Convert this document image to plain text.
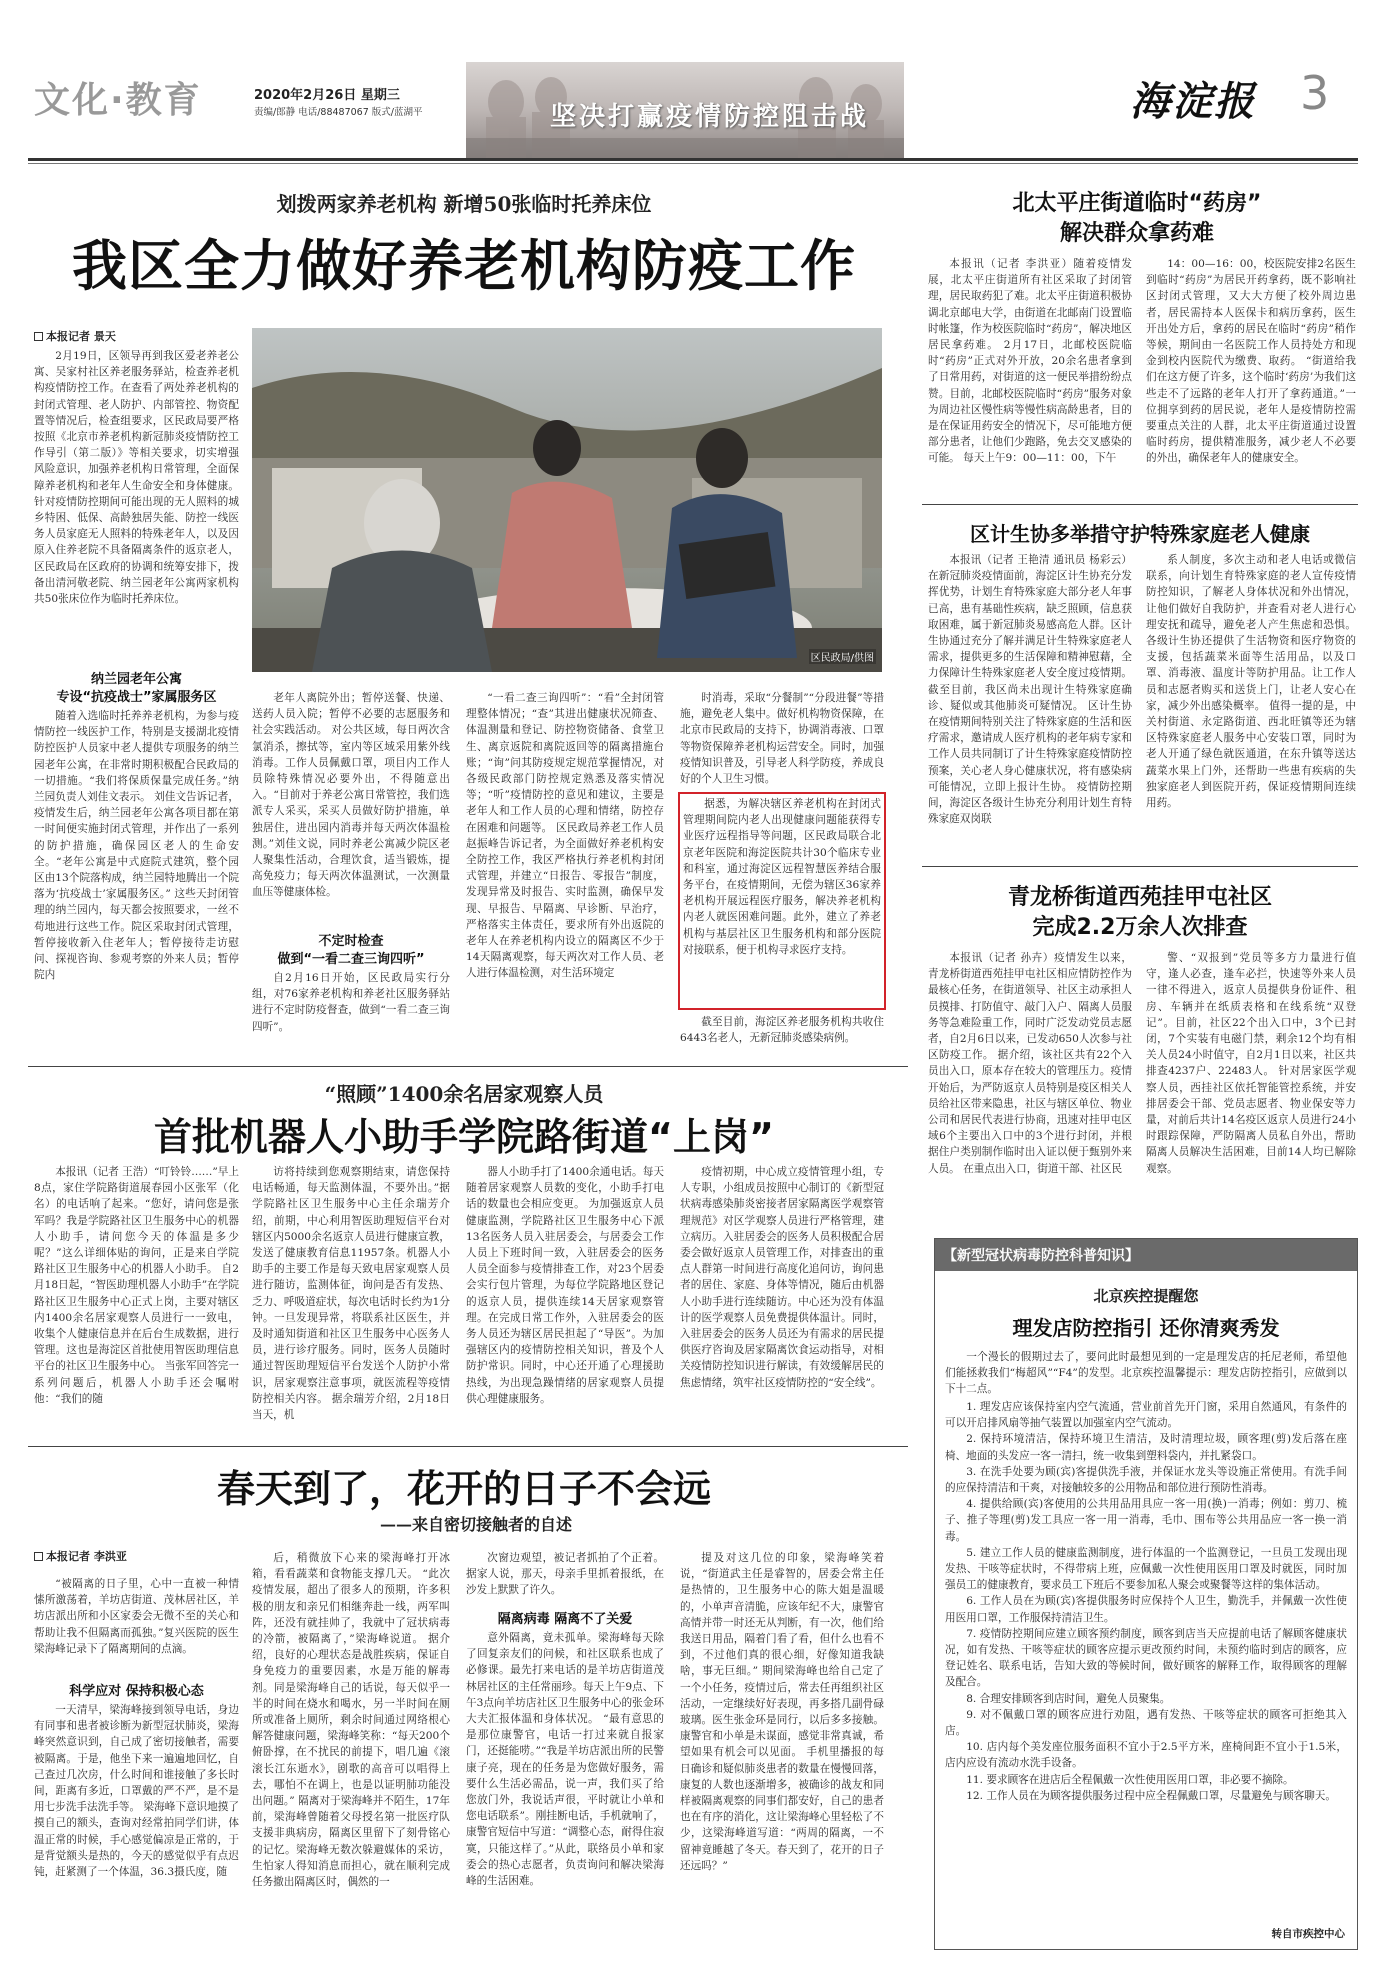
文化·教育	2020年2月26日 星期三
责编/郎静 电话/88487067 版式/蓝湖平	坚决打赢疫情防控阻击战	海淀报 3
划拨两家养老机构 新增50张临时托养床位
我区全力做好养老机构防疫工作
本报记者 景天
区民政局/供图

2月19日，区领导再到我区爱老养老公寓、吴家村社区养老服务驿站，检查养老机构疫情防控工作。在查看了两处养老机构的封闭式管理、老人防护、内部管控、物资配置等情况后，检查组要求，区民政局要严格按照《北京市养老机构新冠肺炎疫情防控工作导引（第二版）》等相关要求，切实增强风险意识，加强养老机构日常管理，全面保障养老机构和老年人生命安全和身体健康。 针对疫情防控期间可能出现的无人照料的城乡特困、低保、高龄独居失能、防控一线医务人员家庭无人照料的特殊老年人，以及因原入住养老院不具备隔离条件的返京老人，区民政局在区政府的协调和统筹安排下，拨备出清河敬老院、纳兰园老年公寓两家机构共50张床位作为临时托养床位。

纳兰园老年公寓
专设“抗疫战士”家属服务区

随着入选临时托养养老机构，为参与疫情防控一线医护工作，特别是支援湖北疫情防控医护人员家中老人提供专项服务的纳兰园老年公寓，在非常时期积极配合民政局的一切措施。“我们将保质保量完成任务。”纳兰园负责人刘佳文表示。 刘佳文告诉记者，疫情发生后，纳兰园老年公寓各项目都在第一时间便实施封闭式管理，并作出了一系列的防护措施，确保园区老人的生命安全。“老年公寓是中式庭院式建筑，整个园区由13个院落构成，纳兰园特地腾出一个院落为‘抗疫战士’家属服务区。” 这些天封闭管理的纳兰园内，每天都会按照要求，一丝不苟地进行这些工作。院区采取封闭式管理，暂停接收新入住老年人；暂停接待走访慰问、探视咨询、参观考察的外来人员；暂停院内

老年人离院外出；暂停送餐、快递、送药人员入院；暂停不必要的志愿服务和社会实践活动。 对公共区域，每日两次含氯消杀，擦拭等，室内等区域采用紫外线消毒。工作人员佩戴口罩，项目内工作人员除特殊情况必要外出，不得随意出入。“目前对于养老公寓日常管控，我们选派专人采买，采买人员做好防护措施，单独居住，进出园内消毒并每天两次体温检测。”刘佳文说，同时养老公寓减少院区老人聚集性活动，合理饮食，适当锻炼，提高免疫力；每天两次体温测试，一次测量血压等健康体检。

不定时检查
做到“一看二查三询四听”

自2月16日开始，区民政局实行分组，对76家养老机构和养老社区服务驿站进行不定时防疫督查，做到“一看二查三询四听”。

“一看二查三询四听”：“看”全封闭管理整体情况；“查”其进出健康状况筛查、体温测量和登记、防控物资储备、食堂卫生、离京返院和离院返回等的隔离措施台账；“询”问其防疫规定规范掌握情况，对各级民政部门防控规定熟悉及落实情况等；“听”疫情防控的意见和建议，主要是老年人和工作人员的心理和情绪，防控存在困难和问题等。 区民政局养老工作人员赵振峰告诉记者，为全面做好养老机构安全防控工作，我区严格执行养老机构封闭式管理，并建立“日报告、零报告”制度，发现异常及时报告、实时监测，确保早发现、早报告、早隔离、早诊断、早治疗，严格落实主体责任，要求所有外出返院的老年人在养老机构内设立的隔离区不少于14天隔离观察，每天两次对工作人员、老人进行体温检测，对生活环境定

时消毒，采取“分餐制”“分段进餐”等措施，避免老人集中。做好机构物资保障，在北京市民政局的支持下，协调消毒液、口罩等物资保障养老机构运营安全。同时，加强疫情知识普及，引导老人科学防疫，养成良好的个人卫生习惯。

据悉，为解决辖区养老机构在封闭式管理期间院内老人出现健康问题能获得专业医疗远程指导等问题，区民政局联合北京老年医院和海淀医院共计30个临床专业和科室，通过海淀区远程智慧医养结合服务平台，在疫情期间，无偿为辖区36家养老机构开展远程医疗服务，解决养老机构内老人就医困难问题。此外，建立了养老机构与基层社区卫生服务机构和部分医院对接联系，便于机构寻求医疗支持。

截至目前，海淀区养老服务机构共收住6443名老人，无新冠肺炎感染病例。

北太平庄街道临时“药房”
解决群众拿药难

本报讯（记者 李洪亚）随着疫情发展，北太平庄街道所有社区采取了封闭管理，居民取药犯了难。北太平庄街道积极协调北京邮电大学，由街道在北邮南门设置临时帐篷，作为校医院临时“药房”，解决地区居民拿药难。 2月17日，北邮校医院临时“药房”正式对外开放，20余名患者拿到了日常用药，对街道的这一便民举措纷纷点赞。目前，北邮校医院临时“药房”服务对象为周边社区慢性病等慢性病高龄患者，目的是在保证用药安全的情况下，尽可能地方便部分患者，让他们少跑路，免去交叉感染的可能。 每天上午9：00—11：00，下午

14：00—16：00，校医院安排2名医生到临时“药房”为居民开药拿药，既不影响社区封闭式管理，又大大方便了校外周边患者，居民需持本人医保卡和病历拿药，医生开出处方后，拿药的居民在临时“药房”稍作等候，期间由一名医院工作人员持处方和现金到校内医院代为缴费、取药。 “街道给我们在这方便了许多，这个临时‘药房’为我们这些走不了远路的老年人打开了拿药通道。”一位拥享到药的居民说，老年人是疫情防控需要重点关注的人群，北太平庄街道通过设置临时药房，提供精准服务，减少老人不必要的外出，确保老年人的健康安全。

区计生协多举措守护特殊家庭老人健康

本报讯（记者 王艳清 通讯员 杨彩云）在新冠肺炎疫情面前，海淀区计生协充分发挥优势，计划生育特殊家庭大部分老人年事已高，患有基础性疾病，缺乏照顾，信息获取困难，属于新冠肺炎易感高危人群。区计生协通过充分了解并满足计生特殊家庭老人需求，提供更多的生活保障和精神慰藉，全力保障计生特殊家庭老人安全度过疫情期。截至目前，我区尚未出现计生特殊家庭确诊、疑似或其他肺炎可疑情况。 区计生协在疫情期间特别关注了特殊家庭的生活和医疗需求，邀请成人医疗机构的老年病专家和工作人员共同制订了计生特殊家庭疫情防控预案，关心老人身心健康状况，将有感染病可能情况，立即上报计生协。 疫情防控期间，海淀区各级计生协充分利用计划生育特殊家庭双岗联

系人制度，多次主动和老人电话或微信联系，向计划生育特殊家庭的老人宣传疫情防控知识，了解老人身体状况和外出情况，让他们做好自我防护，并查看对老人进行心理安抚和疏导，避免老人产生焦虑和恐惧。各级计生协还提供了生活物资和医疗物资的支援，包括蔬菜米面等生活用品，以及口罩、消毒液、温度计等防护用品。让工作人员和志愿者购买和送货上门，让老人安心在家，减少外出感染概率。 值得一提的是，中关村街道、永定路街道、西北旺镇等还为辖区特殊家庭老人服务中心安装口罩，同时为老人开通了绿色就医通道，在东升镇等送达蔬菜水果上门外，还帮助一些患有疾病的失独家庭老人到医院开药，保证疫情期间连续用药。

青龙桥街道西苑挂甲屯社区
完成2.2万余人次排查

本报讯（记者 孙卉）疫情发生以来，青龙桥街道西苑挂甲屯社区相应情防控作为最核心任务，在街道领导、社区主动承担人员摸排、打防值守、敲门入户、隔离人员服务等急难险重工作，同时广泛发动党员志愿者，自2月6日以来，已发动650人次参与社区防疫工作。 据介绍，该社区共有22个入员出入口，原本存在较大的管理压力。疫情开始后，为严防返京人员特别是疫区相关人员给社区带来隐患，社区与辖区单位、物业公司和居民代表进行协商，迅速对挂甲屯区域6个主要出入口中的3个进行封闭，并根据住户类别制作临时出入证以便于甄别外来人员。 在重点出入口，街道干部、社区民

警、“双报到”党员等多方力量进行值守，逢人必查，逢车必拦，快速等外来人员一律不得进入，返京人员提供身份证件、租房、车辆并在纸质表格和在线系统“双登记”。目前，社区22个出入口中，3个已封闭，7个实装有电磁门禁，剩余12个均有相关人员24小时值守，自2月1日以来，社区共排查4237户、22483人。 针对居家医学观察人员，西挂社区依托智能管控系统，并安排居委会干部、党员志愿者、物业保安等力量，对前后共计14名疫区返京人员进行24小时跟踪保障，严防隔离人员私自外出，帮助隔离人员解决生活困难，目前14人均已解除观察。

“照顾”1400余名居家观察人员
首批机器人小助手学院路街道“上岗”

本报讯（记者 王浩）“叮铃铃……”早上8点，家住学院路街道展春园小区张军（化名）的电话响了起来。“您好，请问您是张军吗？我是学院路社区卫生服务中心的机器人小助手，请问您今天的体温是多少呢？”这么详细体贴的询问，正是来自学院路社区卫生服务中心的机器人小助手。 自2月18日起，“智医助理机器人小助手”在学院路社区卫生服务中心正式上岗，主要对辖区内1400余名居家观察人员进行一一致电，收集个人健康信息并在后台生成数据，进行管理。这也是海淀区首批使用智医助理信息平台的社区卫生服务中心。 当张军回答完一系列问题后，机器人小助手还会嘱咐他：“我们的随

访将持续到您观察期结束，请您保持电话畅通，每天监测体温，不要外出。”据学院路社区卫生服务中心主任余瑞芳介绍，前期，中心利用智医助理短信平台对辖区内5000余名返京人员进行健康宣教，发送了健康教育信息11957条。机器人小助手的主要工作是每天致电居家观察人员进行随访，监测体征，询问是否有发热、乏力、呼吸道症状，每次电话时长约为1分钟。一旦发现异常，将联系社区医生，并及时通知街道和社区卫生服务中心医务人员，进行诊疗服务。同时，医务人员随时通过智医助理短信平台发送个人防护小常识，居家观察注意事项，就医流程等疫情防控相关内容。 据余瑞芳介绍，2月18日当天，机

器人小助手打了1400余通电话。每天随着居家观察人员数的变化，小助手打电话的数量也会相应变更。 为加强返京人员健康监测，学院路社区卫生服务中心下派13名医务人员入驻居委会，与居委会工作人员上下班时间一致，入驻居委会的医务人员全面参与疫情排查工作，对23个居委会实行包片管理，为每位学院路地区登记的返京人员，提供连续14天居家观察管理。在完成日常工作外，入驻居委会的医务人员还为辖区居民担起了“导医”。为加强辖区内的疫情防控相关知识，普及个人防护常识。同时，中心还开通了心理援助热线，为出现急躁情绪的居家观察人员提供心理健康服务。

疫情初期，中心成立疫情管理小组，专人专职，小组成员按照中心制订的《新型冠状病毒感染肺炎密接者居家隔离医学观察管理规范》对区学观察人员进行严格管理，建立病历。入驻居委会的医务人员积极配合居委会做好返京人员管理工作，对排查出的重点人群第一时间进行高度化追问访，询问患者的居住、家庭、身体等情况，随后由机器人小助手进行连续随访。中心还为没有体温计的医学观察人员免费提供体温计。同时，入驻居委会的医务人员还为有需求的居民提供医疗咨询及居家隔离饮食运动指导，对相关疫情防控知识进行解读，有效缓解居民的焦虑情绪，筑牢社区疫情防控的“安全线”。

春天到了，花开的日子不会远
——来自密切接触者的自述
本报记者 李洪亚

“被隔离的日子里，心中一直被一种情愫所激荡着，羊坊店街道、茂林居社区，羊坊店派出所和小区家委会无微不至的关心和帮助让我不但隔离而孤独。”复兴医院的医生梁海峰记录下了隔离期间的点滴。

科学应对 保持积极心态

一天清早，梁海峰接到领导电话，身边有同事和患者被诊断为新型冠状肺炎，梁海峰突然意识到，自己成了密切接触者，需要被隔离。于是，他坐下来一遍遍地回忆，自己查过几次房，什么时间和谁接触了多长时间，距离有多近，口罩戴的严不严，是不是用七步洗手法洗手等。 梁海峰下意识地摸了摸自己的额头，查询对经常拍同学们讲，体温正常的时候，手心感觉偏凉是正常的，于是背觉额头是热的，今天的感觉似乎有点迟钝，赶紧测了一个体温，36.3摄氏度，随

后，稍微放下心来的梁海峰打开冰箱，看看蔬菜和食物能支撑几天。 “此次疫情发展，超出了很多人的预期，许多积极的朋友和亲兄们相继奔赴一线，两军叫阵，还没有就挂帅了，我就中了冠状病毒的冷箭，被隔离了，”梁海峰说道。 据介绍，良好的心理状态是战胜疾病，保证自身免疫力的重要因素，水是万能的解毒剂。同是梁海峰自己的话说，每天似乎一半的时间在烧水和喝水，另一半时间在厕所或准备上厕所，剩余时间通过网络根心解答健康问题，梁海峰笑称：“每天200个俯卧撑，在不扰民的前提下，唱几遍《滚滚长江东逝水》，剧歌的高音可以唱得上去，哪怕不在调上，也是以证明肺功能没出问题。” 隔离对于梁海峰并不陌生，17年前，梁海峰曾随着父母授名第一批医疗队支援非典病房，隔离区里留下了刻骨铭心的记忆。梁海峰无数次躲避媒体的采访，生怕家人得知消息而担心，就在顺利完成任务撤出隔离区时，偶然的一

次窗边观望，被记者抓拍了个正着。据家人说，那天，母亲手里抓着报纸，在沙发上默默了许久。

隔离病毒 隔离不了关爱

意外隔离，竟未孤单。梁海峰每天除了回复亲友们的问候，和社区联系也成了必修课。最先打来电话的是羊坊店街道茂林居社区的主任常丽珍。每天上午9点、下午3点向羊坊店社区卫生服务中心的张金环大夫汇报体温和身体状况。 “最有意思的是那位康警官，电话一打过来就自报家门，还挺能唠。”“我是羊坊店派出所的民警康子亮，现在的任务是为您做好服务，需要什么生活必需品，说一声，我们买了给您放门外，我说话声很，平时就让小单和您电话联系”。刚挂断电话，手机就响了，康警官短信中写道：“调整心态，耐得住寂寞，只能这样了。”从此，联络员小单和家委会的热心志愿者，负责询问和解决梁海峰的生活困难。

提及对这几位的印象，梁海峰笑着说，“街道武主任是睿智的，居委会常主任是热情的，卫生服务中心的陈大姐是温暖的，小单声音清脆，应该年纪不大，康警官高情并带一时还无从判断，有一次，他们给我送日用品，隔着门看了看，但什么也看不到，不过他们真的很心细，好像知道我缺啥，事无巨细。” 期间梁海峰也给自己定了一个小任务，疫情过后，常去任再组织社区活动，一定继续好好表现，再多搭几副骨碌玻璃。医生张金环是同行，以后多多接触。康警官和小单是未谋面，感觉非常真诚，希望如果有机会可以见面。 手机里播报的每日确诊和疑似肺炎患者的数量在慢慢回落，康复的人数也逐渐增多，被确诊的战友和同样被隔离观察的同事们都安好，自己的患者也在有序的消化，这让梁海峰心里轻松了不少，这梁海峰道写道：“两周的隔离，一不留神竟睡越了冬天。春天到了，花开的日子还远吗？”

【新型冠状病毒防控科普知识】
北京疾控提醒您
理发店防控指引 还你清爽秀发

一个漫长的假期过去了，要问此时最想见到的一定是理发店的托尼老师，希望他们能拯救我们“梅超风”“F4”的发型。北京疾控温馨提示：理发店防控指引，应做到以下十二点。

1. 理发店应该保持室内空气流通，营业前首先开门窗，采用自然通风，有条件的可以开启排风扇等抽气装置以加强室内空气流动。

2. 保持环境清洁，保持环境卫生清洁，及时清理垃圾，顾客理(剪)发后落在座椅、地面的头发应一客一清扫，统一收集到塑料袋内，并扎紧袋口。

3. 在洗手处要为顾(宾)客提供洗手液，并保证水龙头等设施正常使用。有洗手间的应保持清洁和干爽，对接触较多的公用物品和部位进行预防性消毒。

4. 提供给顾(宾)客使用的公共用品用具应一客一用(换)一消毒；例如：剪刀、梳子、推子等理(剪)发工具应一客一用一消毒，毛巾、围布等公共用品应一客一换一消毒。

5. 建立工作人员的健康监测制度，进行体温的一个监测登记，一旦员工发现出现发热、干咳等症状时，不得带病上班，应佩戴一次性使用医用口罩及时就医，同时加强员工的健康教育，要求员工下班后不要参加私人聚会或聚餐等这样的集体活动。

6. 工作人员在为顾(宾)客提供服务时应保持个人卫生，勤洗手，并佩戴一次性使用医用口罩，工作服保持清洁卫生。

7. 疫情防控期间应建立顾客预约制度，顾客到店当天应提前电话了解顾客健康状况，如有发热、干咳等症状的顾客应提示更改预约时间，未预约临时到店的顾客，应登记姓名、联系电话，告知大致的等候时间，做好顾客的解释工作，取得顾客的理解及配合。

8. 合理安排顾客到店时间，避免人员聚集。

9. 对不佩戴口罩的顾客应进行劝阻，遇有发热、干咳等症状的顾客可拒绝其入店。

10. 店内每个美发座位服务面积不宜小于2.5平方米，座椅间距不宜小于1.5米，店内应设有流动水洗手设备。

11. 要求顾客在进店后全程佩戴一次性使用医用口罩，非必要不摘除。

12. 工作人员在为顾客提供服务过程中应全程佩戴口罩，尽量避免与顾客聊天。

转自市疾控中心
